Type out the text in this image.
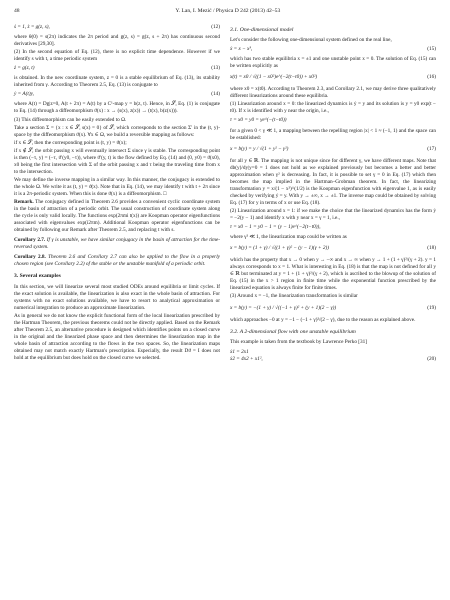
48	Y. Lan, I. Mezić / Physica D 242 (2013) 42–53
ṡ = 1, ż = g(z, s),	(12)

where θ(0) = s(2π) indicates the 2π period and g(z, s) = g(z, s + 2π) has continuous second derivatives [29,30].

(2) In the second equation of Eq. (12), there is no explicit time dependence. However if we identify s with t, a time periodic system

ż = g(z, t)	(13)

is obtained. In the new coordinate system, z = 0 is a stable equilibrium of Eq. (13), its stability inherited from γ. According to Theorem 2.5, Eq. (13) is conjugate to

ẏ = A(t)y,	(14)

where A(t) = Dg|z=0, A(t + 2π) = A(t) by a C¹-map y = b(z, t). Hence, in 𝒮, Eq. (1) is conjugate to Eq. (14) through a diffeomorphism ϑ(x) : x → (s(x), z(x)) → (t(x), b(z(x))).

(3) This diffeomorphism can be easily extended to Ω.

Take a section Σ = {x : x ∈ 𝒮, s(x) = 0} of 𝒮, which corresponds to the section Σ′ in the (t, y)-space by the diffeomorphism ϑ(x). ∀x ∈ Ω, we build a reversible mapping as follows:

if x ∈ 𝒮, then the corresponding point is (t, y) = ϑ(x);

if x ∉ 𝒮, the orbit passing x will eventually intersect Σ since γ is stable. The corresponding point is then (−τ, y) = (−τ, ϑ′(y0, −τ)), where ϑ′(y, t) is the flow defined by Eq. (14) and (0, y0) = ϑ(x0), x0 being the first intersection with Σ of the orbit passing x and τ being the traveling time from x to the intersection.

We may define the inverse mapping in a similar way. In this manner, the conjugacy is extended to the whole Ω. We write it as (t, y) = ϑ(x). Note that in Eq. (14), we may identify t with t + 2π since it is a 2π-periodic system. When this is done ϑ(x) is a diffeomorphism. □

Remark. The conjugacy defined in Theorem 2.6 provides a convenient cyclic coordinate system in the basin of attraction of a periodic orbit. The usual construction of coordinate system along the cycle is only valid locally. The functions exp(2πmi t(x)) are Koopman operator eigenfunctions associated with eigenvalues exp(i2πm). Additional Koopman operator eigenfunctions can be obtained by following our Remark after Theorem 2.5, and replacing t with s.

Corollary 2.7. If γ is unstable, we have similar conjugacy in the basin of attraction for the time-reversed system.

Corollary 2.8. Theorem 2.6 and Corollary 2.7 can also be applied to the flow in a properly chosen region (see Corollary 2.2) of the stable or the unstable manifold of a periodic orbit.

3. Several examples

In this section, we will linearize several most studied ODEs around equilibria or limit cycles. If the exact solution is available, the linearization is also exact in the whole basin of attraction. For systems with no exact solutions available, we have to resort to analytical approximation or numerical integration to produce an approximate linearization.

As in general we do not know the explicit functional form of the local linearization prescribed by the Hartman Theorem, the previous theorems could not be directly applied. Based on the Remark after Theorem 2.5, an alternative procedure is designed which identifies points on a closed curve in the original and the linearized phase space and then determines the linearization map in the whole basin of attraction according to the flows in the two spaces. So, the linearization maps obtained may not match exactly Hartman's prescription. Especially, the result Dϑ = I does not hold at the equilibrium but does hold on the closed curve we selected.

3.1. One-dimensional model

Let's consider the following one-dimensional system defined on the real line,

ẋ = x − x³,	(15)

which has two stable equilibria x = ±1 and one unstable point x = 0. The solution of Eq. (15) can be written explicitly as

x(t) = x0 / √((1 − x0²)e^(−2(t−t0)) + x0²)	(16)

where x0 = x(t0). According to Theorem 2.3, and Corollary 2.1, we may derive three qualitatively different linearizations around these equilibria.

(1) Linearization around x = 0: the linearized dynamics is ẏ = y and its solution is y = y0 exp(t − t0). If x is identified with y near the origin, i.e.,

τ = x0 = y0 = γe^(−(t−t0))

for a given 0 < γ ≪ 1, a mapping between the repelling region |x| < 1 ≈ (−1, 1) and the space can be established:

x = b(y) = y / √(1 + y² − γ²)	(17)

for all y ∈ ℝ. The mapping is not unique since for different γ, we have different maps. Note that db(y)/dy|y=0 = 1 does not hold as we explained previously but becomes a better and better approximation when γ² is decreasing. In fact, it is possible to set γ = 0 in Eq. (17) which then becomes the map implied in the Hartman–Grobman theorem. In fact, the linearizing transformation y = x/(1 − x²)^(1/2) is the Koopman eigenfunction with eigenvalue 1, as is easily checked by verifying ẏ = y. With y → ±∞, x → ±1. The inverse map could be obtained by solving Eq. (17) for y in terms of x or use Eq. (18).

(2) Linearization around x = 1: if we make the choice that the linearized dynamics has the form ẏ = −2(y − 1) and identify x with y near x = γ = 1, i.e.,

τ = x0 − 1 = y0 − 1 = (y − 1)e^(−2(t−t0)),

where γ² ≪ 1, the linearization map could be written as

x = b(y) = (1 + γ) / √((1 + γ)² − (y − 1)(γ + 2))	(18)

which has the property that x → 0 when y → −∞ and x → ∞ when y → 1 + (1 + γ)²/(γ + 2). y = 1 always corresponds to x = 1. What is interesting in Eq. (18) is that the map is not defined for all y ∈ ℝ but terminated at y = 1 + (1 + γ)²/(γ + 2), which is ascribed to the blowup of the solution of Eq. (15) in the x > 1 region in finite time while the exponential function prescribed by the linearized equation is always finite for finite times.

(3) Around x = −1, the linearization transformation is similar

x = b(y) = −(1 + γ) / √((−1 + γ)² + (y + 1)(2 − γ))	(19)

which approaches −0 at y = −1 − (−1 + γ)²/(2 − γ), due to the reason as explained above.

3.2. A 2-dimensional flow with one unstable equilibrium

This example is taken from the textbook by Lawrence Perko [31]

ẋ1 = 2x1
ẋ2 = 4x2 + x1²,	(20)
